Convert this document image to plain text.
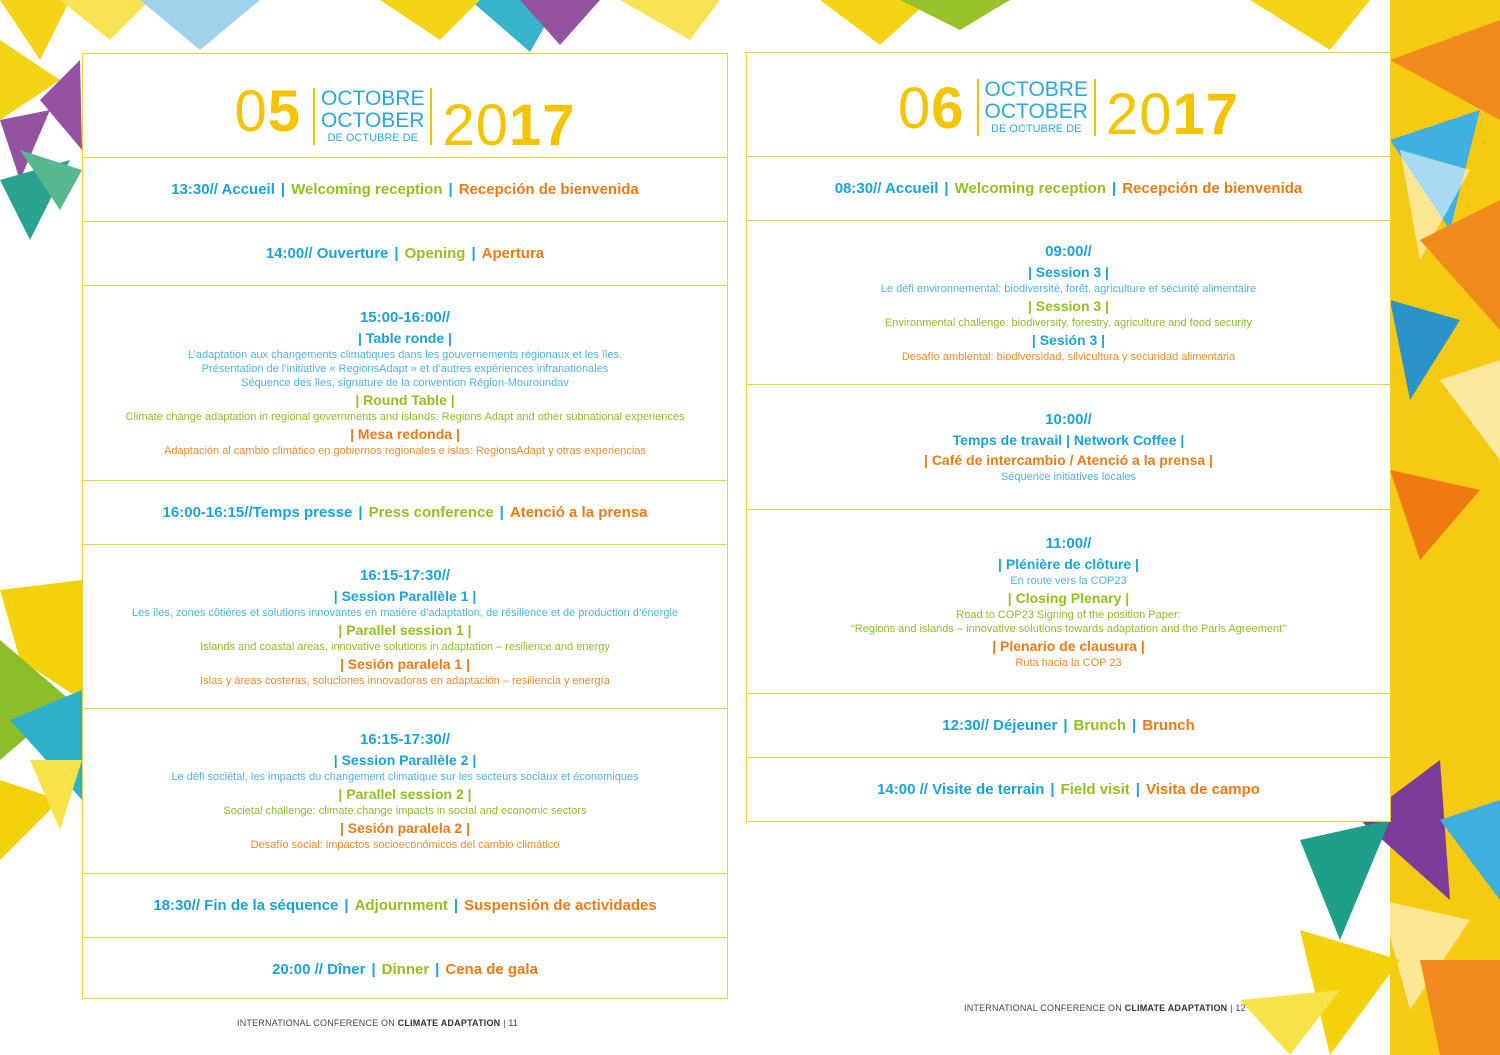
05 OCTOBRE
OCTOBER
DE OCTUBRE DE 2017
13:30// Accueil | Welcoming reception | Recepción de bienvenida
14:00// Ouverture | Opening | Apertura
15:00-16:00//
| Table ronde |
L’adaptation aux changements climatiques dans les gouvernements régionaux et les îles.
Présentation de l’initiative « RegionsAdapt » et d’autres expériences infranationales
Séquence des îles, signature de la convention Région-Mouroundav
| Round Table |
Climate change adaptation in regional governments and islands: Regions Adapt and other subnational experiences
| Mesa redonda |
Adaptación al cambio climático en gobiernos regionales e islas: RegionsAdapt y otras experiencias
16:00-16:15//Temps presse | Press conference | Atenció a la prensa
16:15-17:30//
| Session Parallèle 1 |
Les îles, zones côtières et solutions innovantes en matière d’adaptation, de résilience et de production d’énergie
| Parallel session 1 |
Islands and coastal areas, innovative solutions in adaptation – resilience and energy
| Sesión paralela 1 |
Islas y áreas costeras, soluciones innovadoras en adaptación – resiliencia y energía
16:15-17:30//
| Session Parallèle 2 |
Le défi sociétal, les impacts du changement climatique sur les secteurs sociaux et économiques
| Parallel session 2 |
Societal challenge: climate change impacts in social and economic sectors
| Sesión paralela 2 |
Desafío social: impactos socioeconómicos del cambio climático
18:30// Fin de la séquence | Adjournment | Suspensión de actividades
20:00 // Dîner | Dinner | Cena de gala
INTERNATIONAL CONFERENCE ON CLIMATE ADAPTATION | 11
06 OCTOBRE
OCTOBER
DE OCTUBRE DE 2017
08:30// Accueil | Welcoming reception | Recepción de bienvenida
09:00//
| Session 3 |
Le défi environnemental: biodiversité, forêt, agriculture et sécurité alimentaire
| Session 3 |
Environmental challenge: biodiversity, forestry, agriculture and food security
| Sesión 3 |
Desafío ambiental: biodiversidad, silvicultura y securidad alimentaria
10:00//
Temps de travail | Network Coffee |
| Café de intercambio / Atenció a la prensa |
Séquence initiatives locales
11:00//
| Plénière de clôture |
En route vers la COP23
| Closing Plenary |
Road to COP23 Signing of the position Paper:
“Regions and islands – innovative solutions towards adaptation and the Paris Agreement”
| Plenario de clausura |
Ruta hacia la COP 23
12:30// Déjeuner | Brunch | Brunch
14:00 // Visite de terrain | Field visit | Visita de campo
INTERNATIONAL CONFERENCE ON CLIMATE ADAPTATION | 12
